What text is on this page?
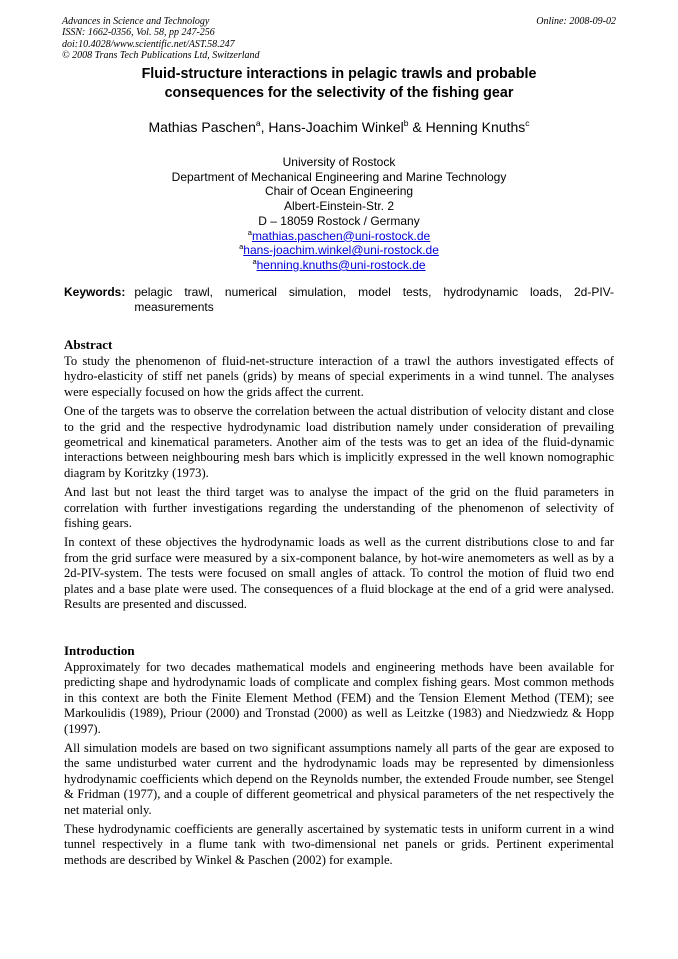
Advances in Science and Technology
ISSN: 1662-0356, Vol. 58, pp 247-256
doi:10.4028/www.scientific.net/AST.58.247
© 2008 Trans Tech Publications Ltd, Switzerland
Online: 2008-09-02
Fluid-structure interactions in pelagic trawls and probable
consequences for the selectivity of the fishing gear
Mathias Paschen$^a$, Hans-Joachim Winkel$^b$ & Henning Knuths$^c$
University of Rostock
Department of Mechanical Engineering and Marine Technology
Chair of Ocean Engineering
Albert-Einstein-Str. 2
D – 18059 Rostock / Germany
$^a$mathias.paschen@uni-rostock.de
$^a$hans-joachim.winkel@uni-rostock.de
$^a$henning.knuths@uni-rostock.de
Keywords: pelagic trawl, numerical simulation, model tests, hydrodynamic loads, 2d-PIV-measurements
Abstract

To study the phenomenon of fluid-net-structure interaction of a trawl the authors investigated effects of hydro-elasticity of stiff net panels (grids) by means of special experiments in a wind tunnel. The analyses were especially focused on how the grids affect the current.

One of the targets was to observe the correlation between the actual distribution of velocity distant and close to the grid and the respective hydrodynamic load distribution namely under consideration of prevailing geometrical and kinematical parameters. Another aim of the tests was to get an idea of the fluid-dynamic interactions between neighbouring mesh bars which is implicitly expressed in the well known nomographic diagram by Koritzky (1973).

And last but not least the third target was to analyse the impact of the grid on the fluid parameters in correlation with further investigations regarding the understanding of the phenomenon of selectivity of fishing gears.

In context of these objectives the hydrodynamic loads as well as the current distributions close to and far from the grid surface were measured by a six-component balance, by hot-wire anemometers as well as by a 2d-PIV-system. The tests were focused on small angles of attack. To control the motion of fluid two end plates and a base plate were used. The consequences of a fluid blockage at the end of a grid were analysed. Results are presented and discussed.

Introduction

Approximately for two decades mathematical models and engineering methods have been available for predicting shape and hydrodynamic loads of complicate and complex fishing gears. Most common methods in this context are both the Finite Element Method (FEM) and the Tension Element Method (TEM); see Markoulidis (1989), Priour (2000) and Tronstad (2000) as well as Leitzke (1983) and Niedzwiedz & Hopp (1997).

All simulation models are based on two significant assumptions namely all parts of the gear are exposed to the same undisturbed water current and the hydrodynamic loads may be represented by dimensionless hydrodynamic coefficients which depend on the Reynolds number, the extended Froude number, see Stengel & Fridman (1977), and a couple of different geometrical and physical parameters of the net respectively the net material only.

These hydrodynamic coefficients are generally ascertained by systematic tests in uniform current in a wind tunnel respectively in a flume tank with two-dimensional net panels or grids. Pertinent experimental methods are described by Winkel & Paschen (2002) for example.
